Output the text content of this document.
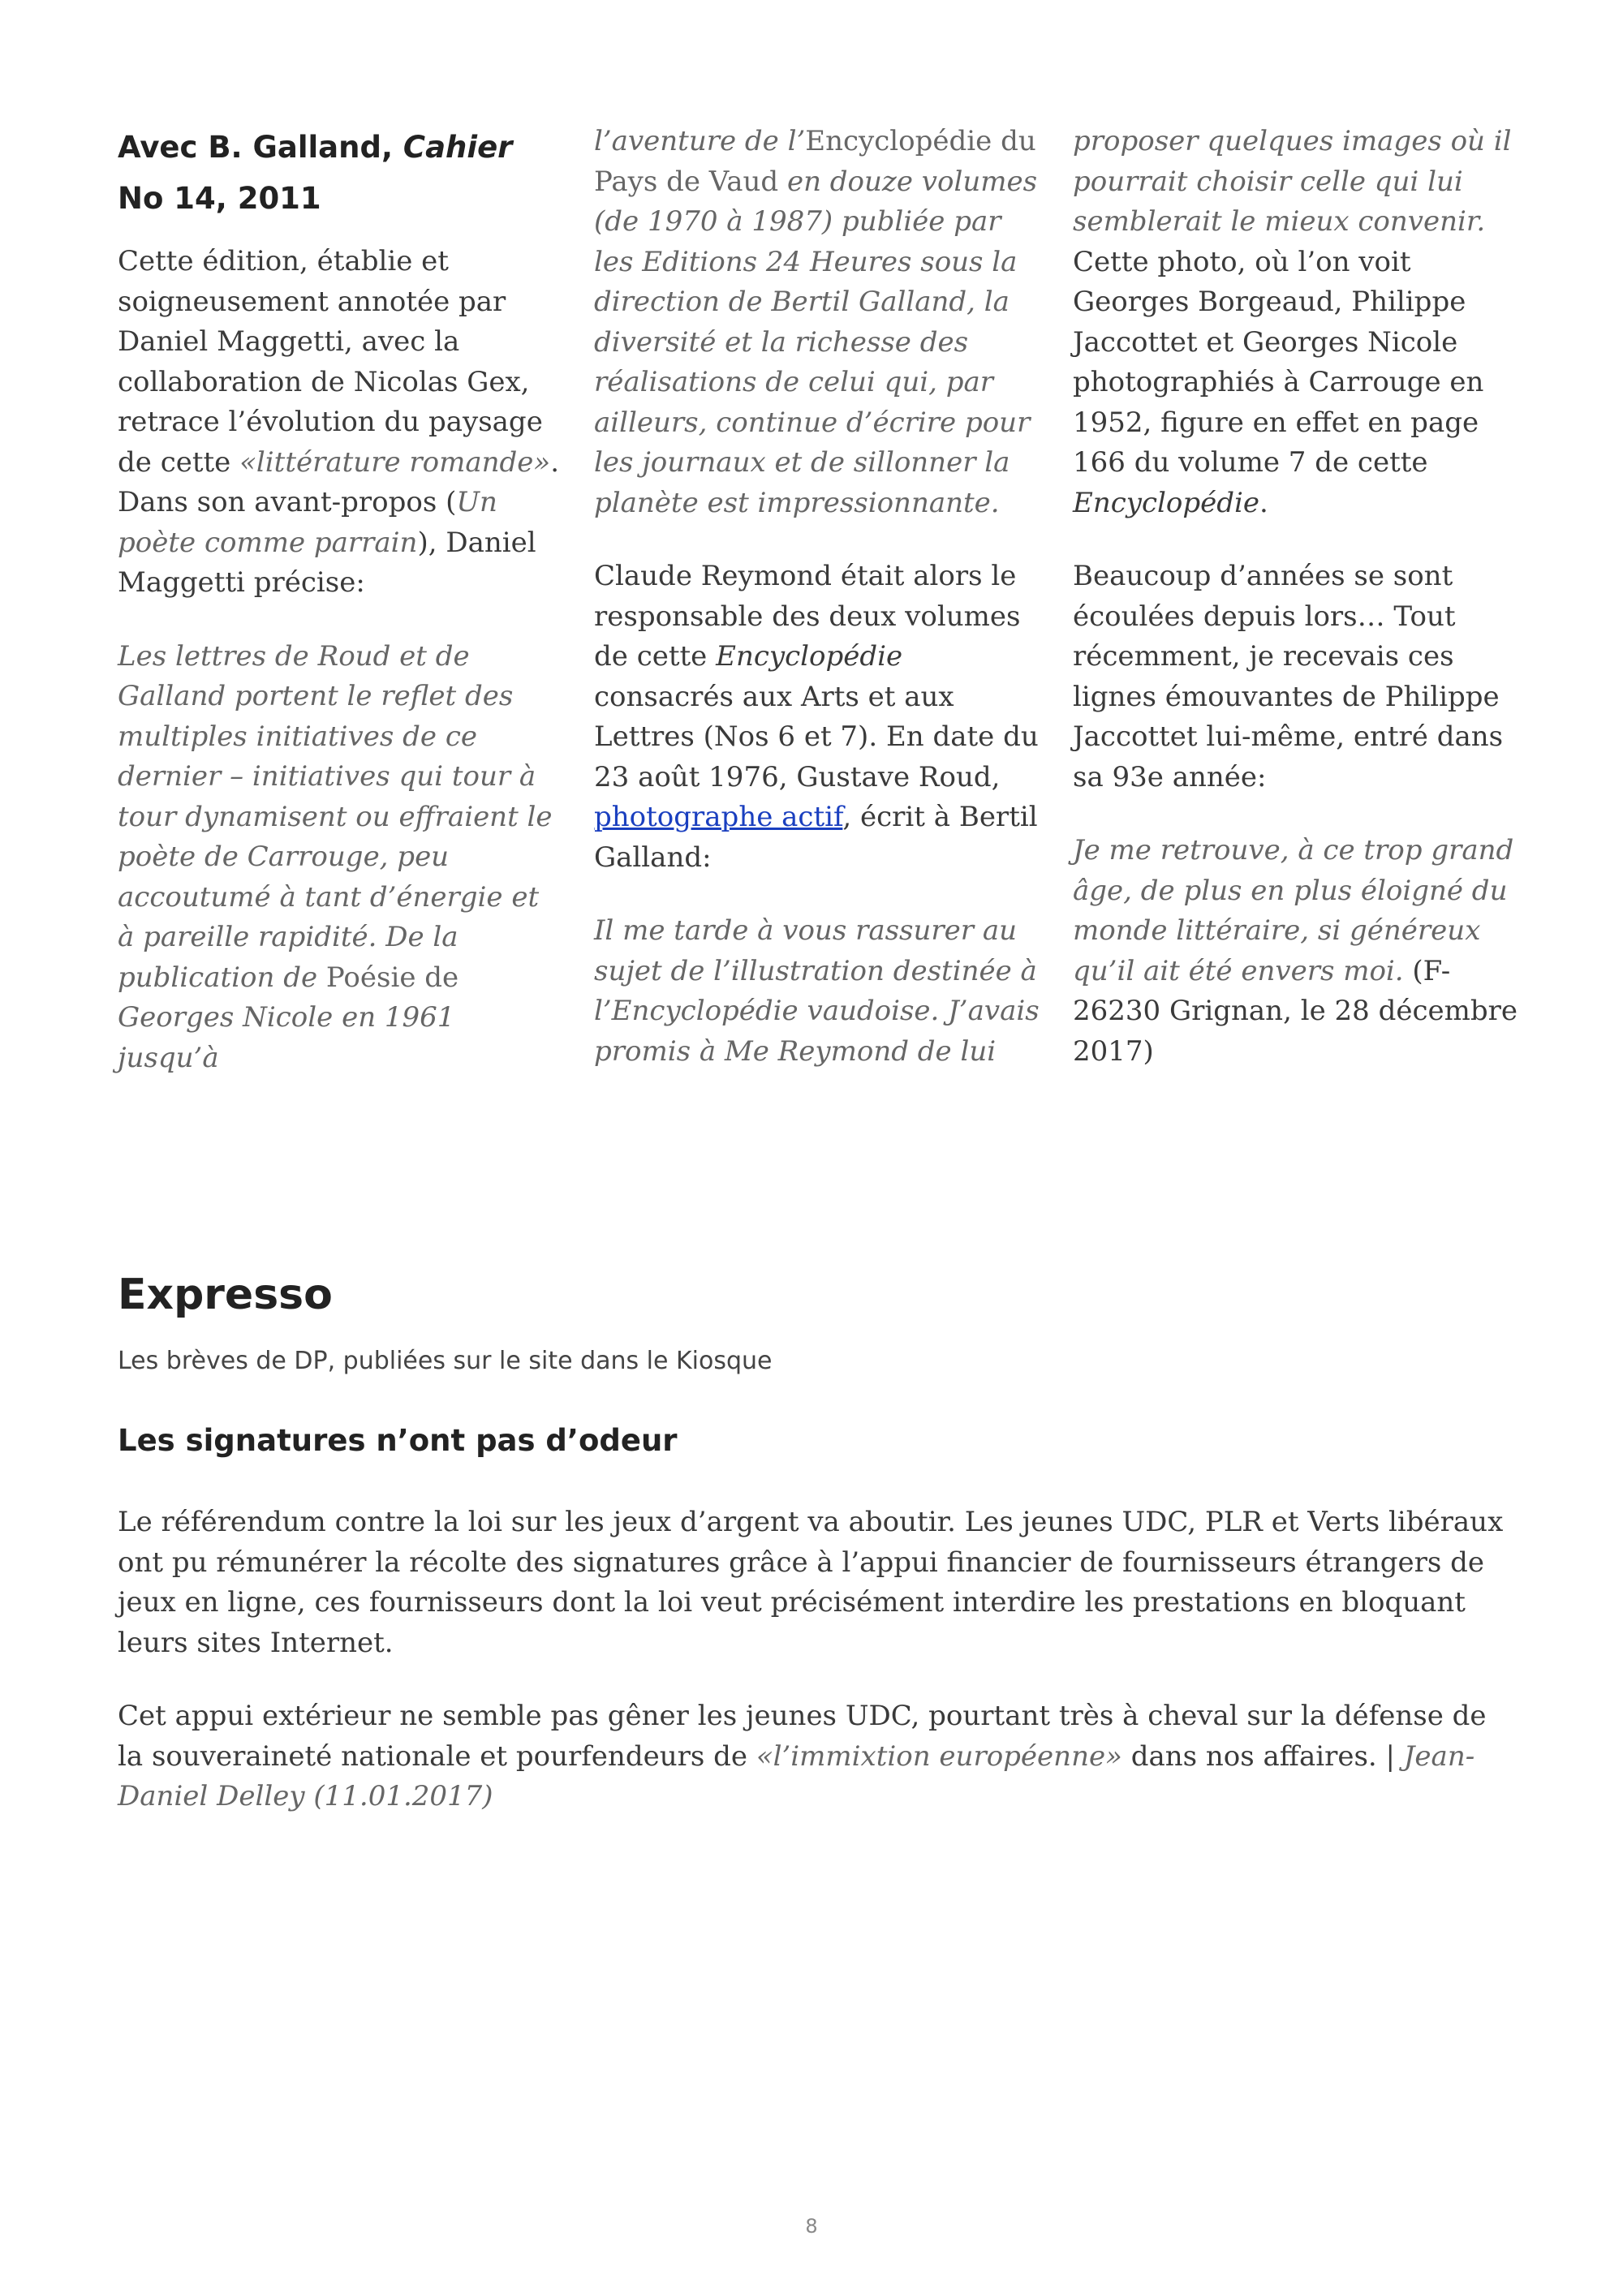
Avec B. Galland, Cahier No 14, 2011

Cette édition, établie et soigneusement annotée par Daniel Maggetti, avec la collaboration de Nicolas Gex, retrace l’évolution du paysage de cette «littérature romande». Dans son avant-propos (Un poète comme parrain), Daniel Maggetti précise:

Les lettres de Roud et de Galland portent le reflet des multiples initiatives de ce dernier – initiatives qui tour à tour dynamisent ou effraient le poète de Carrouge, peu accoutumé à tant d’énergie et à pareille rapidité. De la publication de Poésie de Georges Nicole en 1961 jusqu’à

l’aventure de l’Encyclopédie du Pays de Vaud en douze volumes (de 1970 à 1987) publiée par les Editions 24 Heures sous la direction de Bertil Galland, la diversité et la richesse des réalisations de celui qui, par ailleurs, continue d’écrire pour les journaux et de sillonner la planète est impressionnante.

Claude Reymond était alors le responsable des deux volumes de cette Encyclopédie consacrés aux Arts et aux Lettres (Nos 6 et 7). En date du 23 août 1976, Gustave Roud, photographe actif, écrit à Bertil Galland:

Il me tarde à vous rassurer au sujet de l’illustration destinée à l’Encyclopédie vaudoise. J’avais promis à Me Reymond de lui

proposer quelques images où il pourrait choisir celle qui lui semblerait le mieux convenir. Cette photo, où l’on voit Georges Borgeaud, Philippe Jaccottet et Georges Nicole photographiés à Carrouge en 1952, figure en effet en page 166 du volume 7 de cette Encyclopédie.

Beaucoup d’années se sont écoulées depuis lors… Tout récemment, je recevais ces lignes émouvantes de Philippe Jaccottet lui-même, entré dans sa 93e année:

Je me retrouve, à ce trop grand âge, de plus en plus éloigné du monde littéraire, si généreux qu’il ait été envers moi. (F-26230 Grignan, le 28 décembre 2017)

Expresso
Les brèves de DP, publiées sur le site dans le Kiosque
Les signatures n’ont pas d’odeur

Le référendum contre la loi sur les jeux d’argent va aboutir. Les jeunes UDC, PLR et Verts libéraux ont pu rémunérer la récolte des signatures grâce à l’appui financier de fournisseurs étrangers de jeux en ligne, ces fournisseurs dont la loi veut précisément interdire les prestations en bloquant leurs sites Internet.

Cet appui extérieur ne semble pas gêner les jeunes UDC, pourtant très à cheval sur la défense de la souveraineté nationale et pourfendeurs de «l’immixtion européenne» dans nos affaires. | Jean-Daniel Delley (11.01.2017)

8
